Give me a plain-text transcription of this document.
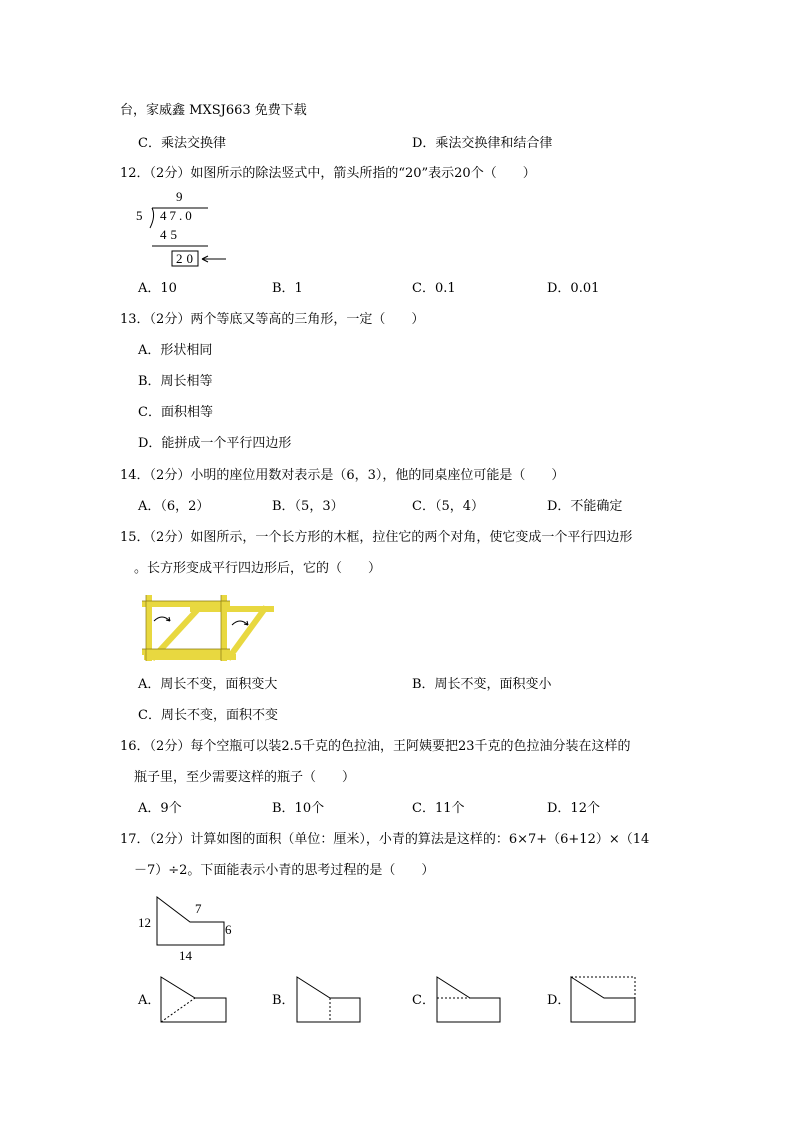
台，家威鑫 MXSJ663 免费下载
C．乘法交换律	D．乘法交换律和结合律
12．（2分）如图所示的除法竖式中，箭头所指的“20”表示20个（　　）
9
5 47.0
45
20
A．10	B．1	C．0.1	D．0.01
13．（2分）两个等底又等高的三角形，一定（　　）
A．形状相同
B．周长相等
C．面积相等
D．能拼成一个平行四边形
14．（2分）小明的座位用数对表示是（6，3），他的同桌座位可能是（　　）
A．（6，2）	B．（5，3）	C．（5，4）	D．不能确定
15．（2分）如图所示，一个长方形的木框，拉住它的两个对角，使它变成一个平行四边形
。长方形变成平行四边形后，它的（　　）
A．周长不变，面积变大	B．周长不变，面积变小
C．周长不变，面积不变
16．（2分）每个空瓶可以装2.5千克的色拉油，王阿姨要把23千克的色拉油分装在这样的
瓶子里，至少需要这样的瓶子（　　）
A．9个	B．10个	C．11个	D．12个
17．（2分）计算如图的面积（单位：厘米），小青的算法是这样的：6×7+（6+12）×（14
－7）÷2。下面能表示小青的思考过程的是（　　）
12
7
6
14
A．	B．	C．	D．
